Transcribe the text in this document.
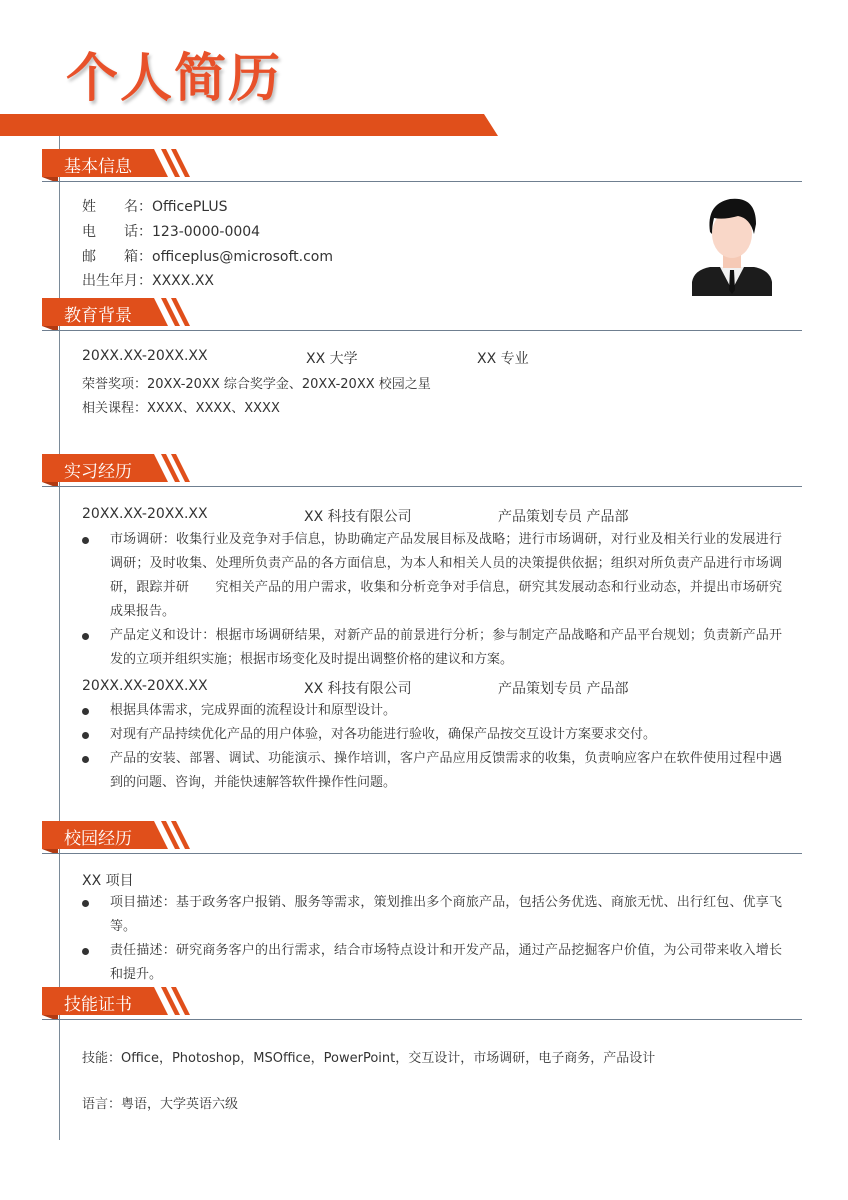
个人简历
基本信息
姓　　名：OfficePLUS
电　　话：123-0000-0004
邮　　箱：officeplus@microsoft.com
出生年月：XXXX.XX
教育背景
20XX.XX-20XX.XX	XX 大学	XX 专业
荣誉奖项：20XX-20XX 综合奖学金、20XX-20XX 校园之星
相关课程：XXXX、XXXX、XXXX
实习经历
20XX.XX-20XX.XX	XX 科技有限公司	产品策划专员 产品部
市场调研：收集行业及竞争对手信息，协助确定产品发展目标及战略；进行市场调研，对行业及相关行业的发展进行调研；及时收集、处理所负责产品的各方面信息，为本人和相关人员的决策提供依据；组织对所负责产品进行市场调研，跟踪并研　　究相关产品的用户需求，收集和分析竞争对手信息，研究其发展动态和行业动态，并提出市场研究成果报告。
产品定义和设计：根据市场调研结果，对新产品的前景进行分析；参与制定产品战略和产品平台规划；负责新产品开发的立项并组织实施；根据市场变化及时提出调整价格的建议和方案。
20XX.XX-20XX.XX	XX 科技有限公司	产品策划专员 产品部
根据具体需求，完成界面的流程设计和原型设计。
对现有产品持续优化产品的用户体验，对各功能进行验收，确保产品按交互设计方案要求交付。
产品的安装、部署、调试、功能演示、操作培训，客户产品应用反馈需求的收集，负责响应客户在软件使用过程中遇到的问题、咨询，并能快速解答软件操作性问题。
校园经历
XX 项目
项目描述：基于政务客户报销、服务等需求，策划推出多个商旅产品，包括公务优选、商旅无忧、出行红包、优享飞等。
责任描述：研究商务客户的出行需求，结合市场特点设计和开发产品，通过产品挖掘客户价值，为公司带来收入增长和提升。
技能证书
技能：Office，Photoshop，MSOffice，PowerPoint，交互设计，市场调研，电子商务，产品设计
语言：粤语，大学英语六级
